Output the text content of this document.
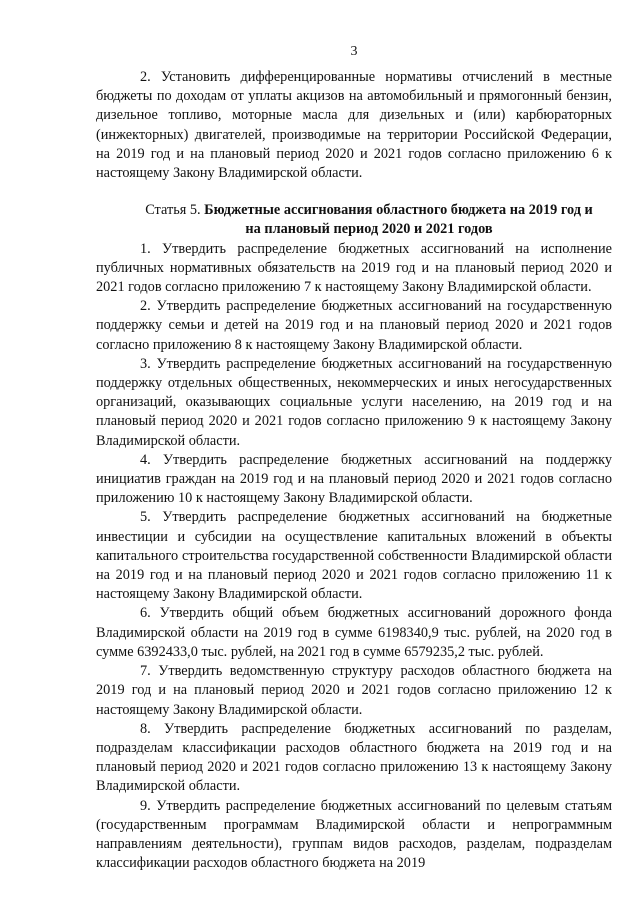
3

2. Установить дифференцированные нормативы отчислений в местные бюджеты по доходам от уплаты акцизов на автомобильный и прямогонный бензин, дизельное топливо, моторные масла для дизельных и (или) карбюраторных (инжекторных) двигателей, производимые на территории Российской Федерации, на 2019 год и на плановый период 2020 и 2021 годов согласно приложению 6 к настоящему Закону Владимирской области.

Статья 5. Бюджетные ассигнования областного бюджета на 2019 год и
на плановый период 2020 и 2021 годов

1. Утвердить распределение бюджетных ассигнований на исполнение публичных нормативных обязательств на 2019 год и на плановый период 2020 и 2021 годов согласно приложению 7 к настоящему Закону Владимирской области.

2. Утвердить распределение бюджетных ассигнований на государственную поддержку семьи и детей на 2019 год и на плановый период 2020 и 2021 годов согласно приложению 8 к настоящему Закону Владимирской области.

3. Утвердить распределение бюджетных ассигнований на государственную поддержку отдельных общественных, некоммерческих и иных негосударственных организаций, оказывающих социальные услуги населению, на 2019 год и на плановый период 2020 и 2021 годов согласно приложению 9 к настоящему Закону Владимирской области.

4. Утвердить распределение бюджетных ассигнований на поддержку инициатив граждан на 2019 год и на плановый период 2020 и 2021 годов согласно приложению 10 к настоящему Закону Владимирской области.

5. Утвердить распределение бюджетных ассигнований на бюджетные инвестиции и субсидии на осуществление капитальных вложений в объекты капитального строительства государственной собственности Владимирской области на 2019 год и на плановый период 2020 и 2021 годов согласно приложению 11 к настоящему Закону Владимирской области.

6. Утвердить общий объем бюджетных ассигнований дорожного фонда Владимирской области на 2019 год в сумме 6198340,9 тыс. рублей, на 2020 год в сумме 6392433,0 тыс. рублей, на 2021 год в сумме 6579235,2 тыс. рублей.

7. Утвердить ведомственную структуру расходов областного бюджета на 2019 год и на плановый период 2020 и 2021 годов согласно приложению 12 к настоящему Закону Владимирской области.

8. Утвердить распределение бюджетных ассигнований по разделам, подразделам классификации расходов областного бюджета на 2019 год и на плановый период 2020 и 2021 годов согласно приложению 13 к настоящему Закону Владимирской области.

9. Утвердить распределение бюджетных ассигнований по целевым статьям (государственным программам Владимирской области и непрограммным направлениям деятельности), группам видов расходов, разделам, подразделам классификации расходов областного бюджета на 2019
